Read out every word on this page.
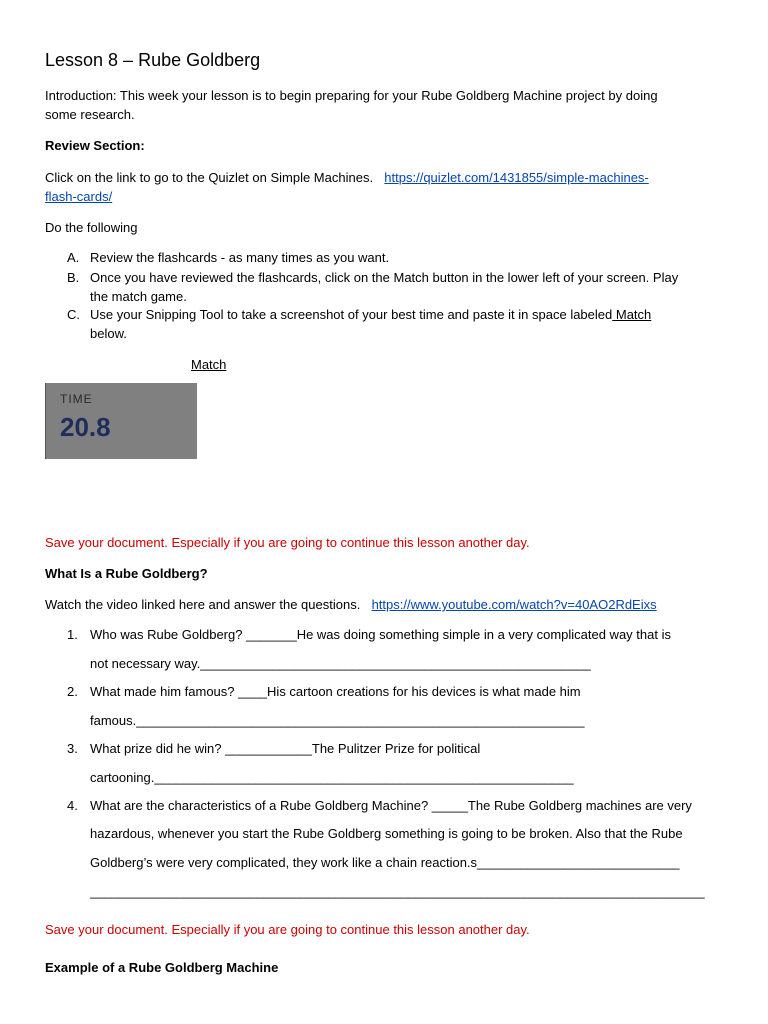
Lesson 8 – Rube Goldberg
Introduction: This week your lesson is to begin preparing for your Rube Goldberg Machine project by doing
some research.
Review Section:
Click on the link to go to the Quizlet on Simple Machines. https://quizlet.com/1431855/simple-machines-
flash-cards/
Do the following
A. Review the flashcards - as many times as you want.
B. Once you have reviewed the flashcards, click on the Match button in the lower left of your screen. Play
the match game.
C. Use your Snipping Tool to take a screenshot of your best time and paste it in space labeled Match
below.
Match
TIME
20.8
Save your document. Especially if you are going to continue this lesson another day.
What Is a Rube Goldberg?
Watch the video linked here and answer the questions. https://www.youtube.com/watch?v=40AO2RdEixs
1. Who was Rube Goldberg? _______He was doing something simple in a very complicated way that is
not necessary way.______________________________________________________
2. What made him famous? ____His cartoon creations for his devices is what made him
famous.______________________________________________________________
3. What prize did he win? ____________The Pulitzer Prize for political
cartooning.__________________________________________________________
4. What are the characteristics of a Rube Goldberg Machine? _____The Rube Goldberg machines are very
hazardous, whenever you start the Rube Goldberg something is going to be broken. Also that the Rube
Goldberg’s were very complicated, they work like a chain reaction.s____________________________
_____________________________________________________________________________________
Save your document. Especially if you are going to continue this lesson another day.
Example of a Rube Goldberg Machine
